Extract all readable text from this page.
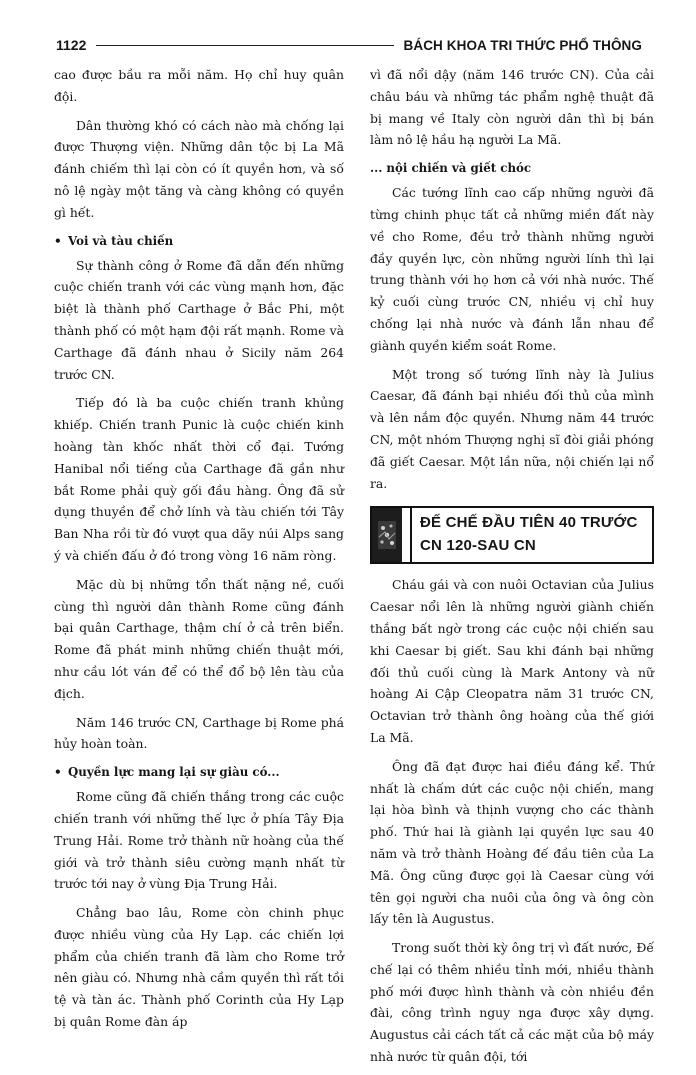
1122	BÁCH KHOA TRI THỨC PHỔ THÔNG

cao được bầu ra mỗi năm. Họ chỉ huy quân đội.

Dân thường khó có cách nào mà chống lại được Thượng viện. Những dân tộc bị La Mã đánh chiếm thì lại còn có ít quyền hơn, và số nô lệ ngày một tăng và càng không có quyền gì hết.

• Voi và tàu chiến

Sự thành công ở Rome đã dẫn đến những cuộc chiến tranh với các vùng mạnh hơn, đặc biệt là thành phố Carthage ở Bắc Phi, một thành phố có một hạm đội rất mạnh. Rome và Carthage đã đánh nhau ở Sicily năm 264 trước CN.

Tiếp đó là ba cuộc chiến tranh khủng khiếp. Chiến tranh Punic là cuộc chiến kinh hoàng tàn khốc nhất thời cổ đại. Tướng Hanibal nổi tiếng của Carthage đã gần như bắt Rome phải quỳ gối đầu hàng. Ông đã sử dụng thuyền để chở lính và tàu chiến tới Tây Ban Nha rồi từ đó vượt qua dãy núi Alps sang ý và chiến đấu ở đó trong vòng 16 năm ròng.

Mặc dù bị những tổn thất nặng nề, cuối cùng thì người dân thành Rome cũng đánh bại quân Carthage, thậm chí ở cả trên biển. Rome đã phát minh những chiến thuật mới, như cầu lót ván để có thể đổ bộ lên tàu của địch.

Năm 146 trước CN, Carthage bị Rome phá hủy hoàn toàn.

• Quyền lực mang lại sự giàu có...

Rome cũng đã chiến thắng trong các cuộc chiến tranh với những thế lực ở phía Tây Địa Trung Hải. Rome trở thành nữ hoàng của thế giới và trở thành siêu cường mạnh nhất từ trước tới nay ở vùng Địa Trung Hải.

Chẳng bao lâu, Rome còn chinh phục được nhiều vùng của Hy Lạp. các chiến lợi phẩm của chiến tranh đã làm cho Rome trở nên giàu có. Nhưng nhà cầm quyền thì rất tồi tệ và tàn ác. Thành phố Corinth của Hy Lạp bị quân Rome đàn áp

vì đã nổi dậy (năm 146 trước CN). Của cải châu báu và những tác phẩm nghệ thuật đã bị mang về Italy còn người dân thì bị bán làm nô lệ hầu hạ người La Mã.

... nội chiến và giết chóc

Các tướng lĩnh cao cấp những người đã từng chinh phục tất cả những miền đất này về cho Rome, đều trở thành những người đầy quyền lực, còn những người lính thì lại trung thành với họ hơn cả với nhà nước. Thế kỷ cuối cùng trước CN, nhiều vị chỉ huy chống lại nhà nước và đánh lẫn nhau để giành quyền kiểm soát Rome.

Một trong số tướng lĩnh này là Julius Caesar, đã đánh bại nhiều đối thủ của mình và lên nắm độc quyền. Nhưng năm 44 trước CN, một nhóm Thượng nghị sĩ đòi giải phóng đã giết Caesar. Một lần nữa, nội chiến lại nổ ra.

ĐẾ CHẾ ĐẦU TIÊN 40 TRƯỚC
CN 120-SAU CN

Cháu gái và con nuôi Octavian của Julius Caesar nổi lên là những người giành chiến thắng bất ngờ trong các cuộc nội chiến sau khi Caesar bị giết. Sau khi đánh bại những đối thủ cuối cùng là Mark Antony và nữ hoàng Ai Cập Cleopatra năm 31 trước CN, Octavian trở thành ông hoàng của thế giới La Mã.

Ông đã đạt được hai điều đáng kể. Thứ nhất là chấm dứt các cuộc nội chiến, mang lại hòa bình và thịnh vượng cho các thành phố. Thứ hai là giành lại quyền lực sau 40 năm và trở thành Hoàng đế đầu tiên của La Mã. Ông cũng được gọi là Caesar cùng với tên gọi người cha nuôi của ông và ông còn lấy tên là Augustus.

Trong suốt thời kỳ ông trị vì đất nước, Đế chế lại có thêm nhiều tỉnh mới, nhiều thành phố mới được hình thành và còn nhiều đền đài, công trình nguy nga được xây dựng. Augustus cải cách tất cả các mặt của bộ máy nhà nước từ quân đội, tới
